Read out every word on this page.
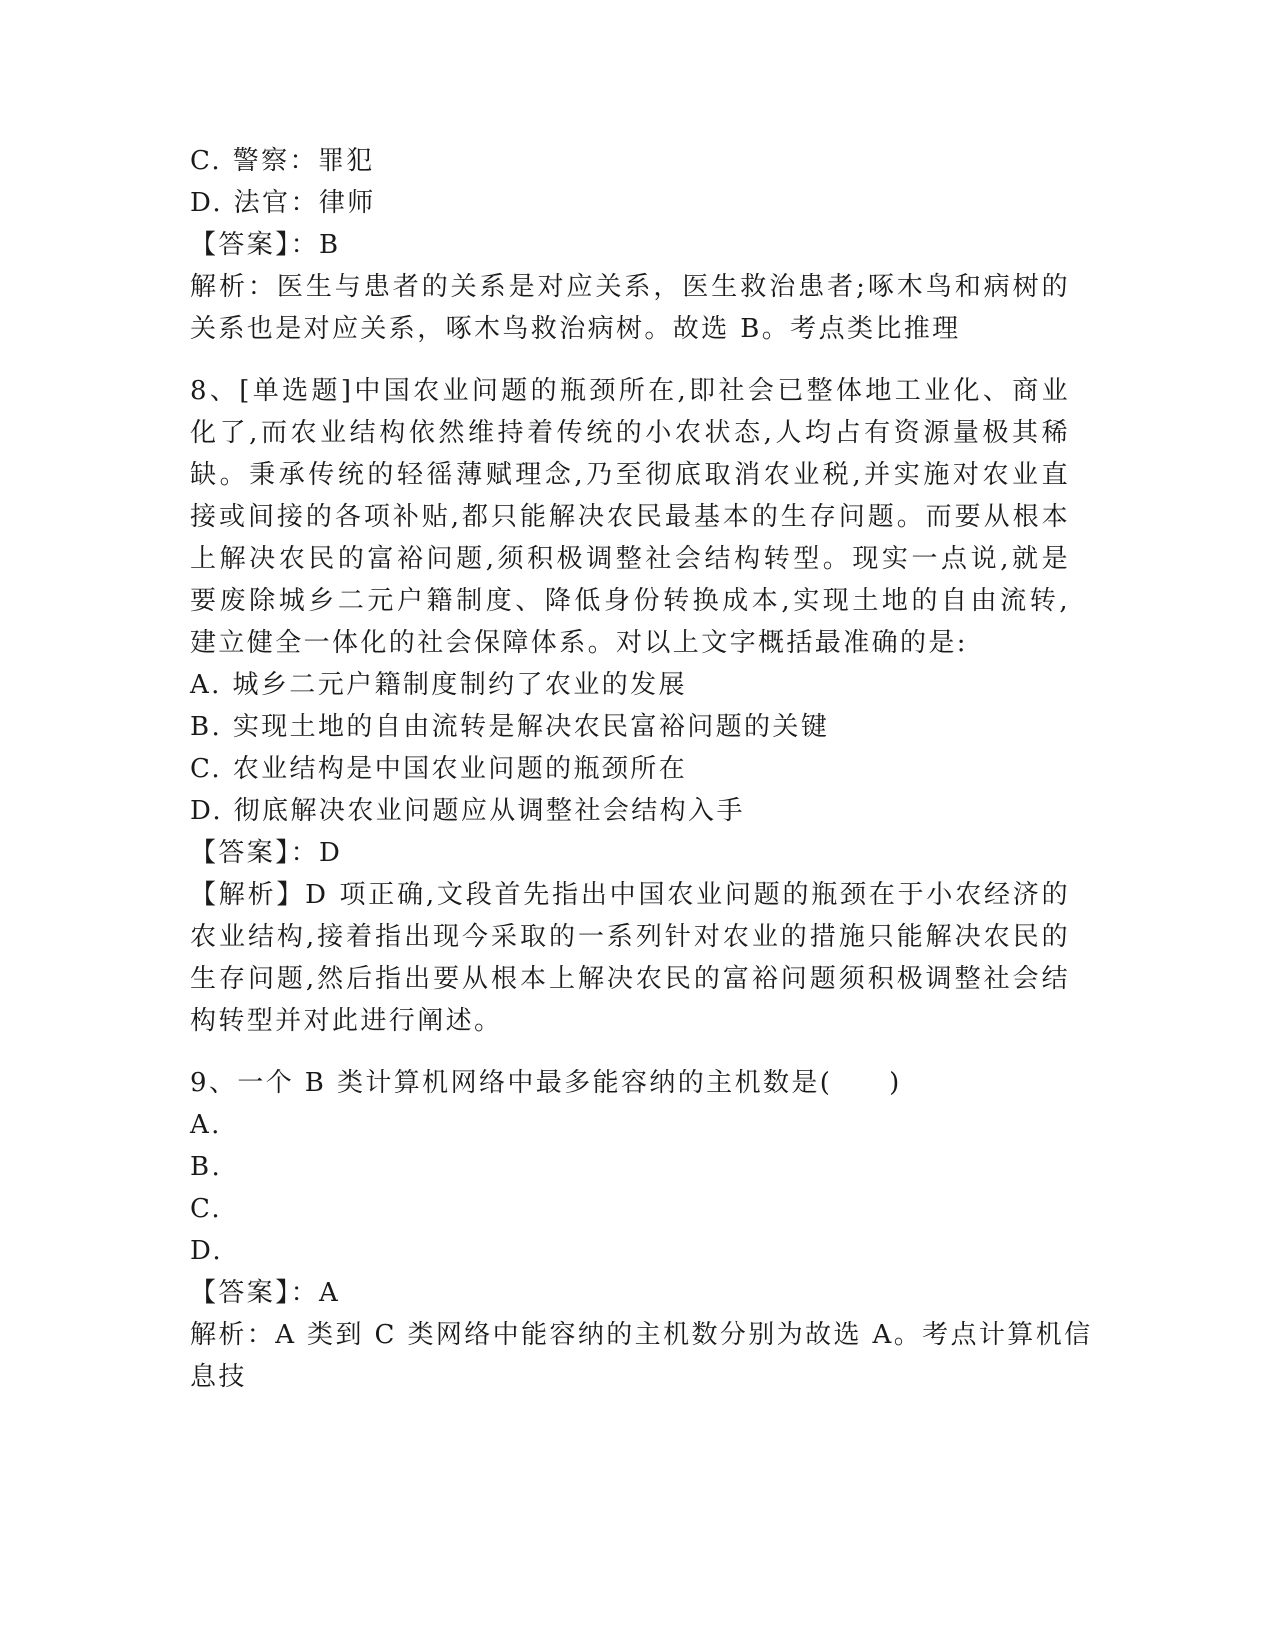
C. 警察：罪犯
D. 法官：律师
【答案】：B
解析：医生与患者的关系是对应关系，医生救治患者;啄木鸟和病树的
关系也是对应关系，啄木鸟救治病树。故选 B。考点类比推理
8、[单选题]中国农业问题的瓶颈所在,即社会已整体地工业化、商业
化了,而农业结构依然维持着传统的小农状态,人均占有资源量极其稀
缺。秉承传统的轻徭薄赋理念,乃至彻底取消农业税,并实施对农业直
接或间接的各项补贴,都只能解决农民最基本的生存问题。而要从根本
上解决农民的富裕问题,须积极调整社会结构转型。现实一点说,就是
要废除城乡二元户籍制度、降低身份转换成本,实现土地的自由流转,
建立健全一体化的社会保障体系。对以上文字概括最准确的是:
A. 城乡二元户籍制度制约了农业的发展
B. 实现土地的自由流转是解决农民富裕问题的关键
C. 农业结构是中国农业问题的瓶颈所在
D. 彻底解决农业问题应从调整社会结构入手
【答案】：D
【解析】D 项正确,文段首先指出中国农业问题的瓶颈在于小农经济的
农业结构,接着指出现今采取的一系列针对农业的措施只能解决农民的
生存问题,然后指出要从根本上解决农民的富裕问题须积极调整社会结
构转型并对此进行阐述。
9、一个 B 类计算机网络中最多能容纳的主机数是(　　)
A.
B.
C.
D.
【答案】：A
解析：A 类到 C 类网络中能容纳的主机数分别为故选 A。考点计算机信
息技
